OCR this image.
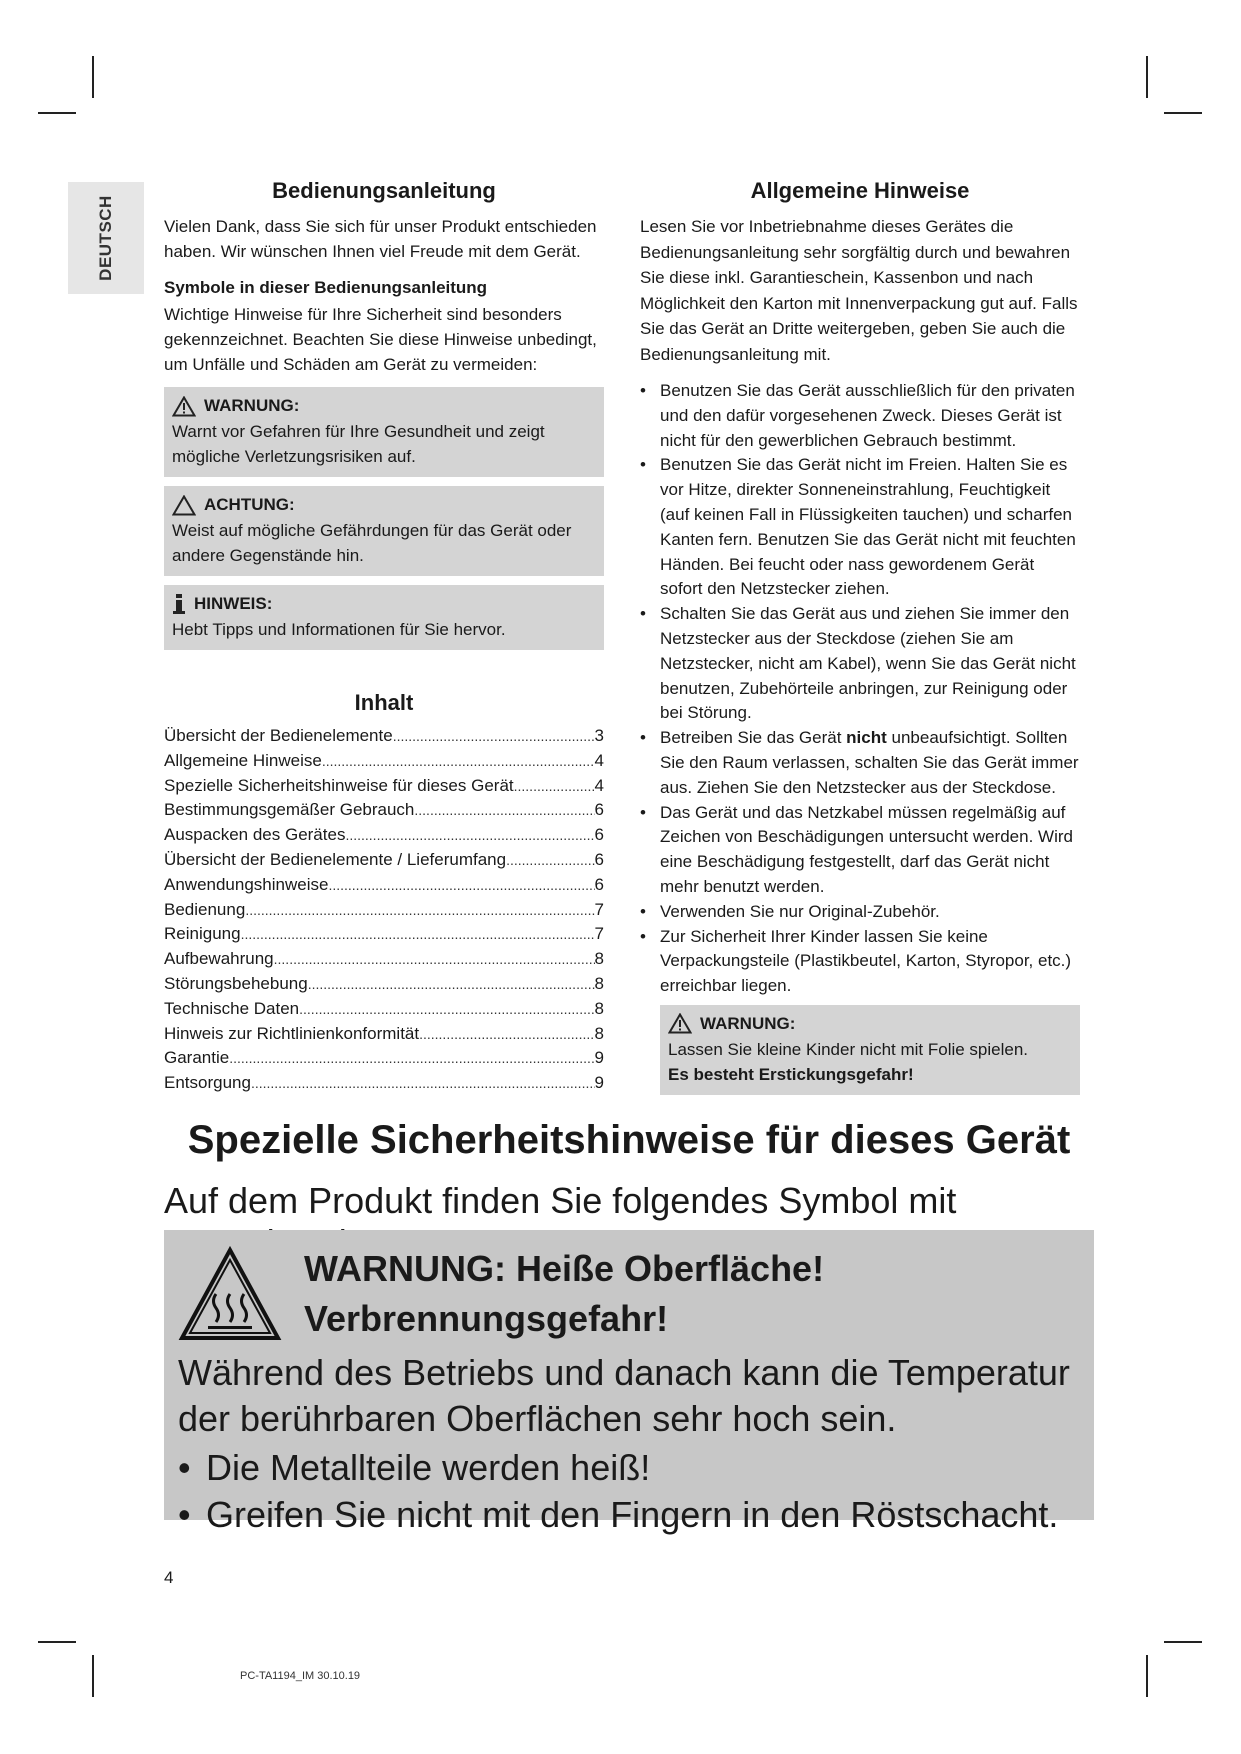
DEUTSCH
Bedienungsanleitung

Vielen Dank, dass Sie sich für unser Produkt entschieden haben. Wir wünschen Ihnen viel Freude mit dem Gerät.

Symbole in dieser Bedienungsanleitung

Wichtige Hinweise für Ihre Sicherheit sind besonders gekennzeichnet. Beachten Sie diese Hinweise unbedingt, um Unfälle und Schäden am Gerät zu vermeiden:

WARNUNG:
Warnt vor Gefahren für Ihre Gesundheit und zeigt mögliche Verletzungsrisiken auf.
ACHTUNG:
Weist auf mögliche Gefährdungen für das Gerät oder andere Gegenstände hin.
HINWEIS:
Hebt Tipps und Informationen für Sie hervor.
Inhalt
Übersicht der Bedienelemente .....	3
Allgemeine Hinweise .....	4
Spezielle Sicherheitshinweise für dieses Gerät .....	4
Bestimmungsgemäßer Gebrauch .....	6
Auspacken des Gerätes .....	6
Übersicht der Bedienelemente / Lieferumfang .....	6
Anwendungshinweise .....	6
Bedienung .....	7
Reinigung .....	7
Aufbewahrung .....	8
Störungsbehebung .....	8
Technische Daten .....	8
Hinweis zur Richtlinienkonformität .....	8
Garantie .....	9
Entsorgung .....	9
Allgemeine Hinweise

Lesen Sie vor Inbetriebnahme dieses Gerätes die Bedienungsanleitung sehr sorgfältig durch und bewahren Sie diese inkl. Garantieschein, Kassenbon und nach Möglichkeit den Karton mit Innenverpackung gut auf. Falls Sie das Gerät an Dritte weitergeben, geben Sie auch die Bedienungsanleitung mit.

• Benutzen Sie das Gerät ausschließlich für den privaten und den dafür vorgesehenen Zweck. Dieses Gerät ist nicht für den gewerblichen Gebrauch bestimmt.
• Benutzen Sie das Gerät nicht im Freien. Halten Sie es vor Hitze, direkter Sonneneinstrahlung, Feuchtigkeit (auf keinen Fall in Flüssigkeiten tauchen) und scharfen Kanten fern. Benutzen Sie das Gerät nicht mit feuchten Händen. Bei feucht oder nass gewordenem Gerät sofort den Netzstecker ziehen.
• Schalten Sie das Gerät aus und ziehen Sie immer den Netzstecker aus der Steckdose (ziehen Sie am Netzstecker, nicht am Kabel), wenn Sie das Gerät nicht benutzen, Zubehörteile anbringen, zur Reinigung oder bei Störung.
• Betreiben Sie das Gerät nicht unbeaufsichtigt. Sollten Sie den Raum verlassen, schalten Sie das Gerät immer aus. Ziehen Sie den Netzstecker aus der Steckdose.
• Das Gerät und das Netzkabel müssen regelmäßig auf Zeichen von Beschädigungen untersucht werden. Wird eine Beschädigung festgestellt, darf das Gerät nicht mehr benutzt werden.
• Verwenden Sie nur Original-Zubehör.
• Zur Sicherheit Ihrer Kinder lassen Sie keine Verpackungsteile (Plastikbeutel, Karton, Styropor, etc.) erreichbar liegen.
WARNUNG:
Lassen Sie kleine Kinder nicht mit Folie spielen.
Es besteht Erstickungsgefahr!
Spezielle Sicherheitshinweise für dieses Gerät
Auf dem Produkt finden Sie folgendes Symbol mit
WARNUNG: Heiße Oberfläche!
Verbrennungsgefahr!
Während des Betriebs und danach kann die Temperatur der berührbaren Oberflächen sehr hoch sein.
• Die Metallteile werden heiß!
• Greifen Sie nicht mit den Fingern in den Röstschacht.
4
PC-TA1194_IM 30.10.19
